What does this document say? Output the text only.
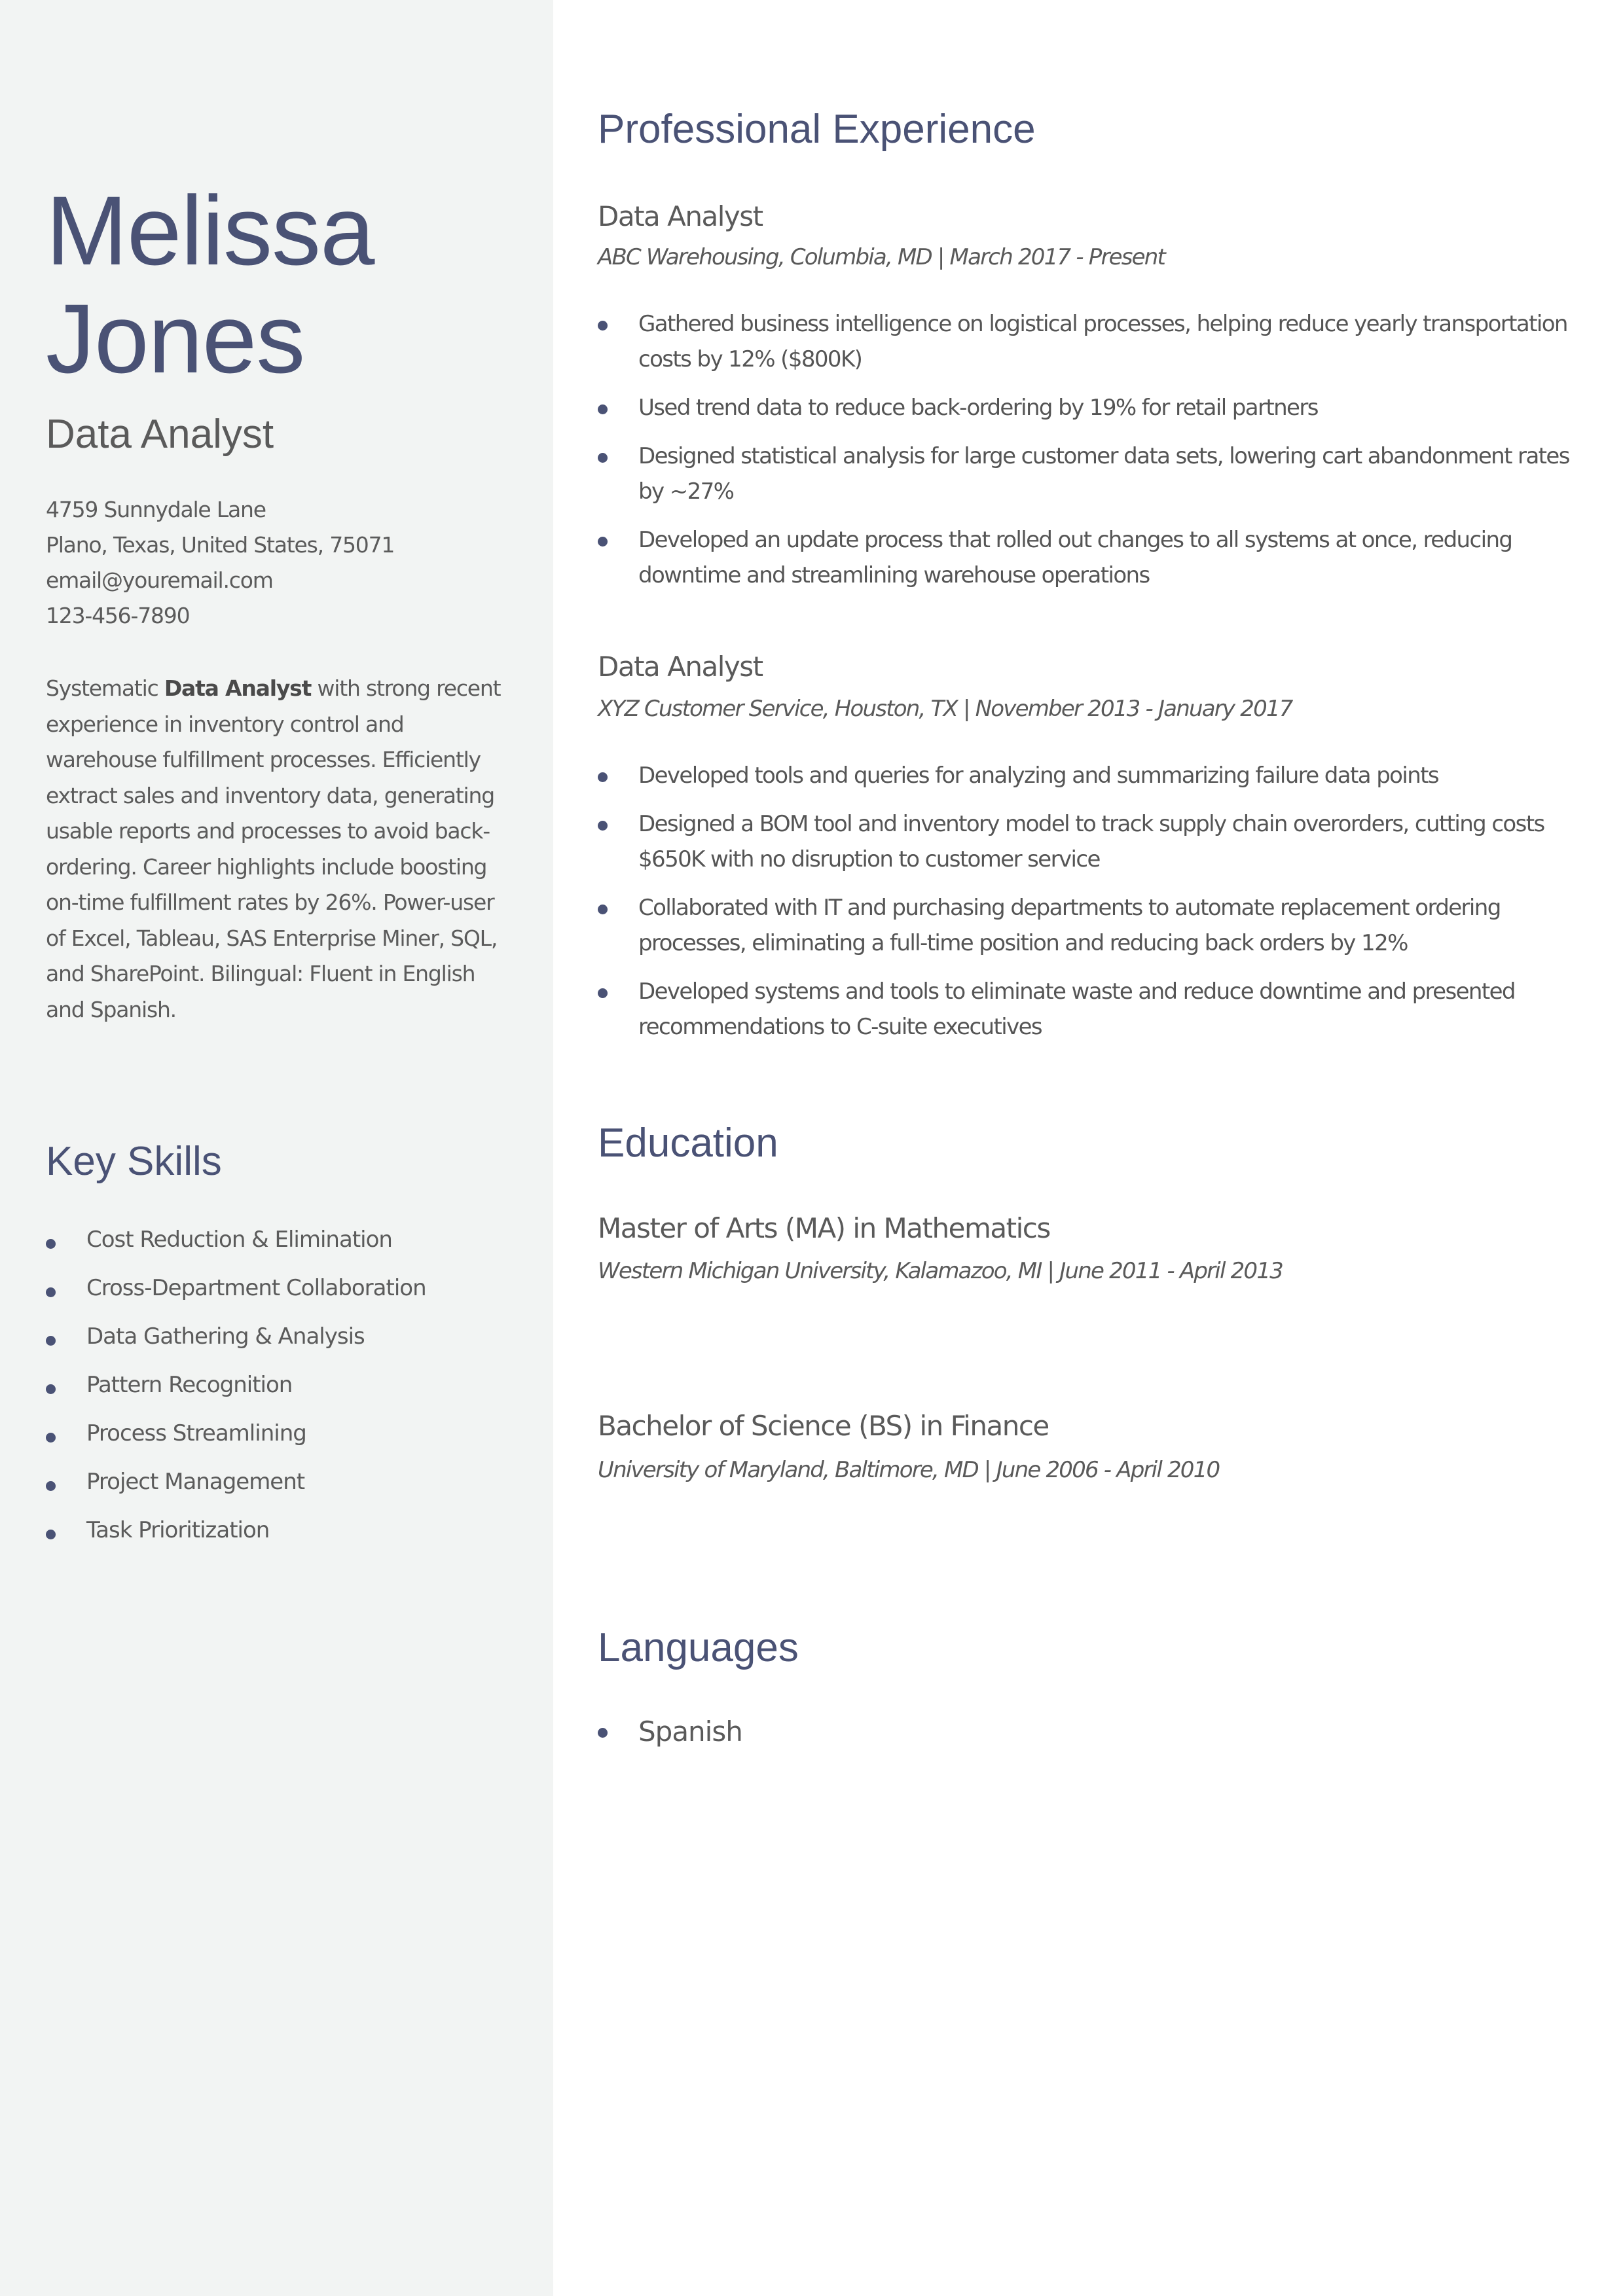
Melissa
Jones
Data Analyst
4759 Sunnydale Lane
Plano, Texas, United States, 75071
email@youremail.com
123-456-7890

Systematic Data Analyst with strong recent experience in inventory control and warehouse fulfillment processes. Efficiently extract sales and inventory data, generating usable reports and processes to avoid back-ordering. Career highlights include boosting on-time fulfillment rates by 26%. Power-user of Excel, Tableau, SAS Enterprise Miner, SQL, and SharePoint. Bilingual: Fluent in English and Spanish.

Key Skills
Cost Reduction & Elimination
Cross-Department Collaboration
Data Gathering & Analysis
Pattern Recognition
Process Streamlining
Project Management
Task Prioritization
Professional Experience
Data Analyst
ABC Warehousing, Columbia, MD | March 2017 - Present
Gathered business intelligence on logistical processes, helping reduce yearly transportation costs by 12% ($800K)
Used trend data to reduce back-ordering by 19% for retail partners
Designed statistical analysis for large customer data sets, lowering cart abandonment rates by ~27%
Developed an update process that rolled out changes to all systems at once, reducing downtime and streamlining warehouse operations
Data Analyst
XYZ Customer Service, Houston, TX | November 2013 - January 2017
Developed tools and queries for analyzing and summarizing failure data points
Designed a BOM tool and inventory model to track supply chain overorders, cutting costs $650K with no disruption to customer service
Collaborated with IT and purchasing departments to automate replacement ordering processes, eliminating a full-time position and reducing back orders by 12%
Developed systems and tools to eliminate waste and reduce downtime and presented recommendations to C-suite executives
Education
Master of Arts (MA) in Mathematics
Western Michigan University, Kalamazoo, MI | June 2011 - April 2013
Bachelor of Science (BS) in Finance
University of Maryland, Baltimore, MD | June 2006 - April 2010
Languages
Spanish
